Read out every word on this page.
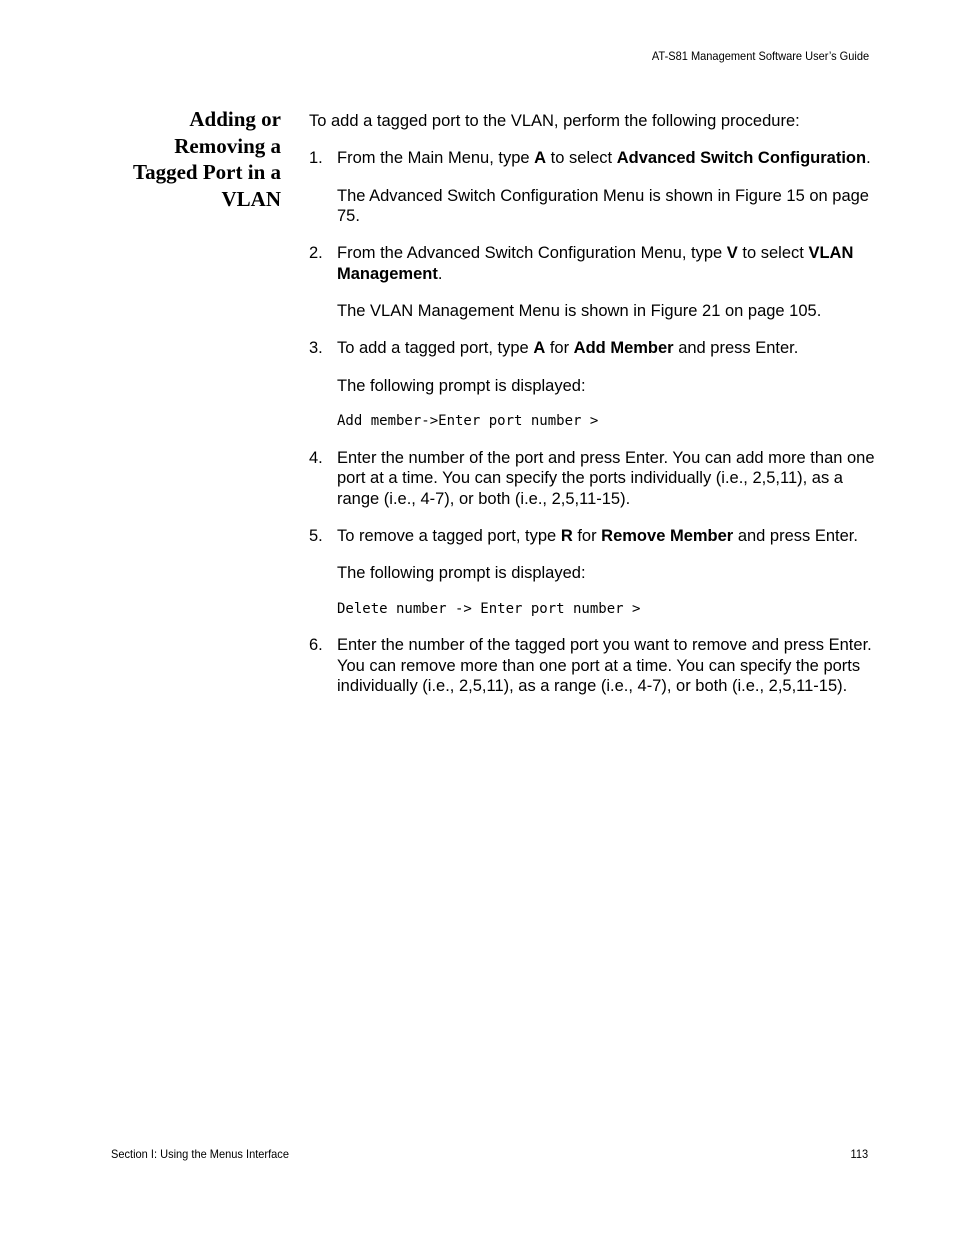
AT-S81 Management Software User’s Guide
Adding or
Removing a
Tagged Port in a
VLAN

To add a tagged port to the VLAN, perform the following procedure:

1. From the Main Menu, type A to select Advanced Switch Configuration.

The Advanced Switch Configuration Menu is shown in Figure 15 on page 75.

2. From the Advanced Switch Configuration Menu, type V to select VLAN Management.

The VLAN Management Menu is shown in Figure 21 on page 105.

3. To add a tagged port, type A for Add Member and press Enter.

The following prompt is displayed:

Add member->Enter port number >

4. Enter the number of the port and press Enter. You can add more than one port at a time. You can specify the ports individually (i.e., 2,5,11), as a range (i.e., 4-7), or both (i.e., 2,5,11-15).
5. To remove a tagged port, type R for Remove Member and press Enter.

The following prompt is displayed:

Delete number -> Enter port number >

6. Enter the number of the tagged port you want to remove and press Enter. You can remove more than one port at a time. You can specify the ports individually (i.e., 2,5,11), as a range (i.e., 4-7), or both (i.e., 2,5,11-15).
Section I: Using the Menus Interface	113
